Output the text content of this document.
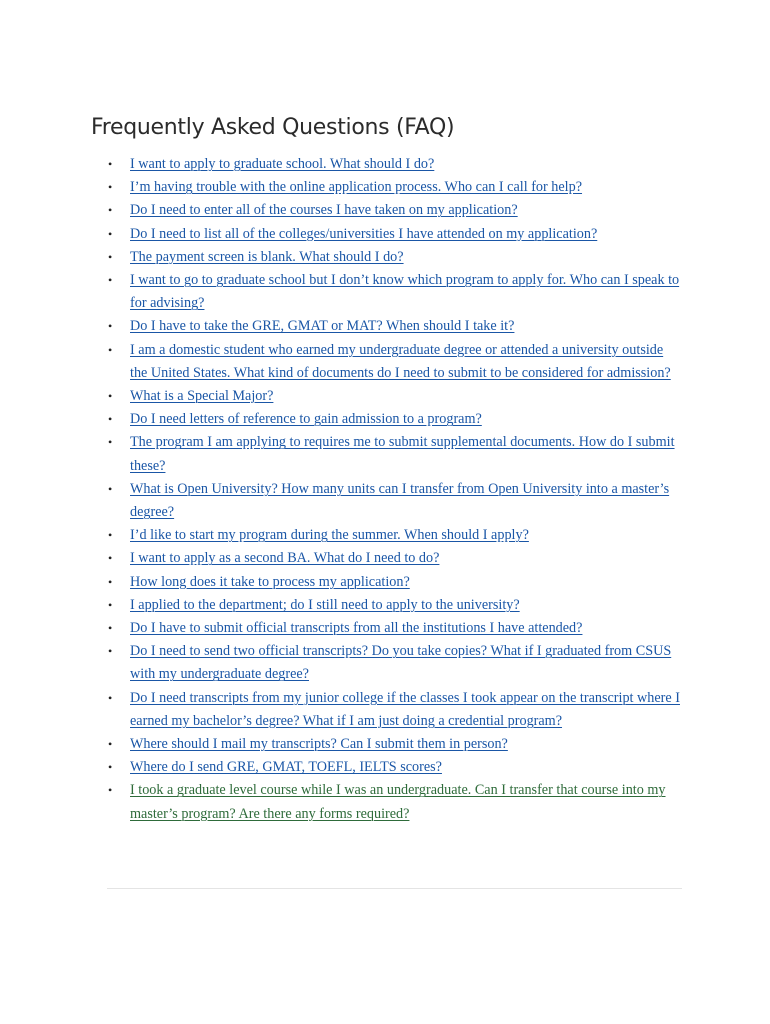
Frequently Asked Questions (FAQ)
•	I want to apply to graduate school. What should I do?
•	I’m having trouble with the online application process. Who can I call for help?
•	Do I need to enter all of the courses I have taken on my application?
•	Do I need to list all of the colleges/universities I have attended on my application?
•	The payment screen is blank. What should I do?
•	I want to go to graduate school but I don’t know which program to apply for. Who can I speak to for advising?
•	Do I have to take the GRE, GMAT or MAT? When should I take it?
•	I am a domestic student who earned my undergraduate degree or attended a university outside the United States. What kind of documents do I need to submit to be considered for admission?
•	What is a Special Major?
•	Do I need letters of reference to gain admission to a program?
•	The program I am applying to requires me to submit supplemental documents. How do I submit these?
•	What is Open University? How many units can I transfer from Open University into a master’s degree?
•	I’d like to start my program during the summer. When should I apply?
•	I want to apply as a second BA. What do I need to do?
•	How long does it take to process my application?
•	I applied to the department; do I still need to apply to the university?
•	Do I have to submit official transcripts from all the institutions I have attended?
•	Do I need to send two official transcripts? Do you take copies? What if I graduated from CSUS with my undergraduate degree?
•	Do I need transcripts from my junior college if the classes I took appear on the transcript where I earned my bachelor’s degree? What if I am just doing a credential program?
•	Where should I mail my transcripts? Can I submit them in person?
•	Where do I send GRE, GMAT, TOEFL, IELTS scores?
•	I took a graduate level course while I was an undergraduate. Can I transfer that course into my master’s program? Are there any forms required?
